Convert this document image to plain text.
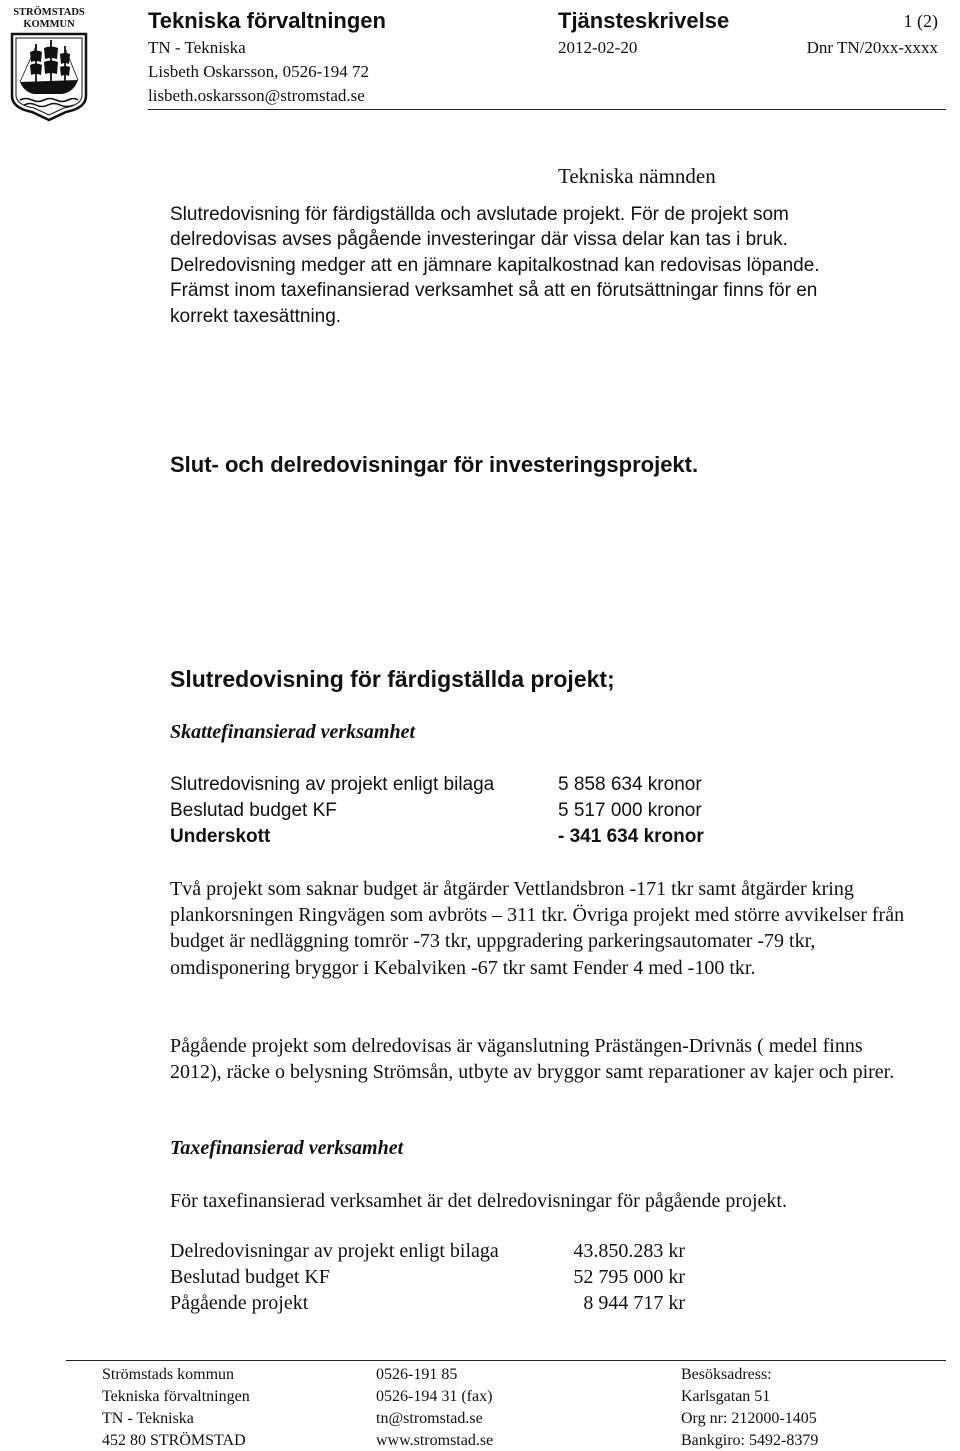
STRÖMSTADS
KOMMUN	Tekniska förvaltningen	Tjänsteskrivelse	1 (2)
TN - Tekniska	2012-02-20	Dnr TN/20xx-xxxx
Lisbeth Oskarsson, 0526-194 72
lisbeth.oskarsson@stromstad.se
Tekniska nämnden
Slut- och delredovisningar för investeringsprojekt.

Slutredovisning för färdigställda och avslutade projekt. För de projekt som delredovisas avses pågående investeringar där vissa delar kan tas i bruk. Delredovisning medger att en jämnare kapitalkostnad kan redovisas löpande. Främst inom taxefinansierad verksamhet så att en förutsättningar finns för en korrekt taxesättning.

Slutredovisning för färdigställda projekt;
Skattefinansierad verksamhet
Slutredovisning av projekt enligt bilaga	5 858 634 kronor
Beslutad budget KF	5 517 000 kronor
Underskott	- 341 634 kronor

Två projekt som saknar budget är åtgärder Vettlandsbron -171 tkr samt åtgärder kring plankorsningen Ringvägen som avbröts – 311 tkr. Övriga projekt med större avvikelser från budget är nedläggning tomrör -73 tkr, uppgradering parkeringsautomater -79 tkr, omdisponering bryggor i Kebalviken -67 tkr samt Fender 4 med -100 tkr.

Pågående projekt som delredovisas är väganslutning Prästängen-Drivnäs ( medel finns 2012), räcke o belysning Strömsån, utbyte av bryggor samt reparationer av kajer och pirer.

Taxefinansierad verksamhet

För taxefinansierad verksamhet är det delredovisningar för pågående projekt.

Delredovisningar av projekt enligt bilaga	43.850.283 kr
Beslutad budget KF	52 795 000 kr
Pågående projekt	8 944 717 kr
Strömstads kommun
Tekniska förvaltningen
TN - Tekniska
452 80 STRÖMSTAD
0526-191 85
0526-194 31 (fax)
tn@stromstad.se
www.stromstad.se
Besöksadress:
Karlsgatan 51
Org nr: 212000-1405
Bankgiro: 5492-8379
